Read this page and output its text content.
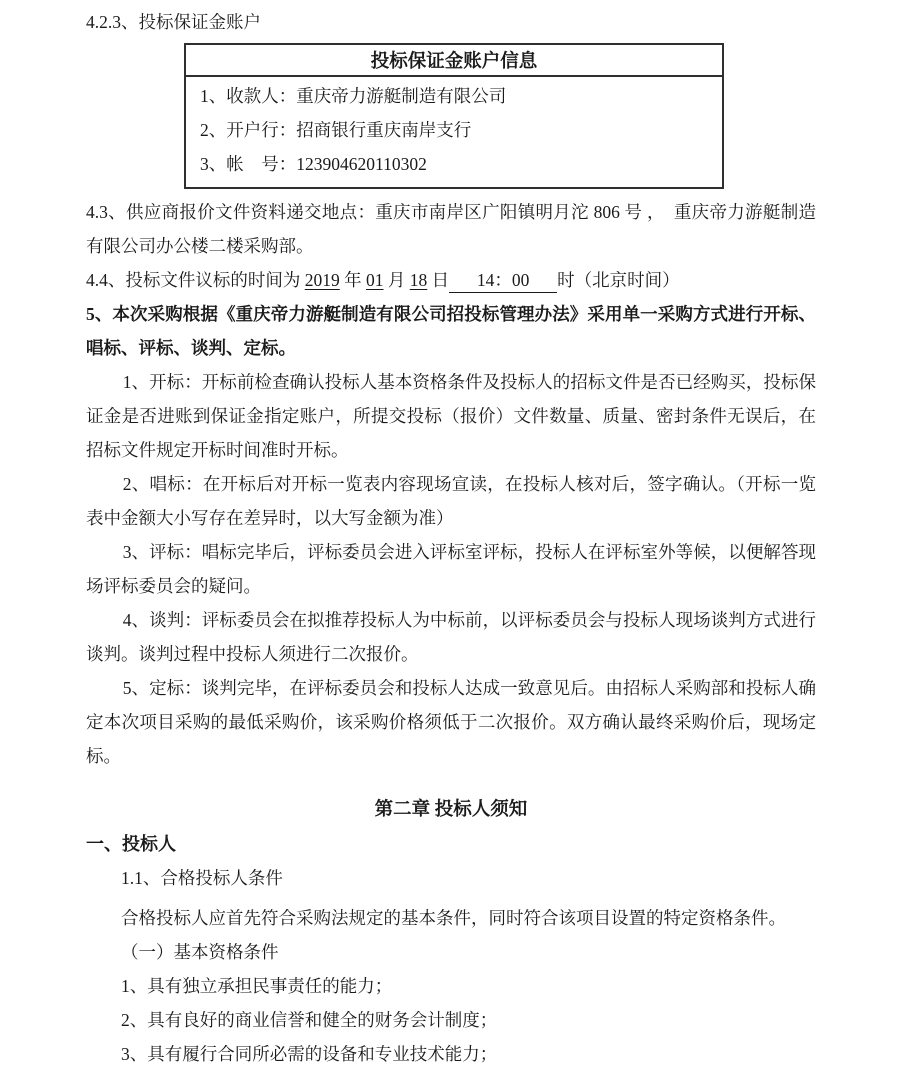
4.2.3、投标保证金账户

投标保证金账户信息

1、收款人：重庆帝力游艇制造有限公司

2、开户行：招商银行重庆南岸支行

3、帐　号：123904620110302

4.3、供应商报价文件资料递交地点：重庆市南岸区广阳镇明月沱 806 号 ，　重庆帝力游艇制造有限公司办公楼二楼采购部。

4.4、投标文件议标的时间为 2019 年 01 月 18 日 14：00 时（北京时间）

5、本次采购根据《重庆帝力游艇制造有限公司招投标管理办法》采用单一采购方式进行开标、唱标、评标、谈判、定标。

1、开标：开标前检查确认投标人基本资格条件及投标人的招标文件是否已经购买，投标保证金是否进账到保证金指定账户，所提交投标（报价）文件数量、质量、密封条件无误后，在招标文件规定开标时间准时开标。

2、唱标：在开标后对开标一览表内容现场宣读，在投标人核对后，签字确认。（开标一览表中金额大小写存在差异时，以大写金额为准）

3、评标：唱标完毕后，评标委员会进入评标室评标，投标人在评标室外等候，以便解答现场评标委员会的疑问。

4、谈判：评标委员会在拟推荐投标人为中标前，以评标委员会与投标人现场谈判方式进行谈判。谈判过程中投标人须进行二次报价。

5、定标：谈判完毕，在评标委员会和投标人达成一致意见后。由招标人采购部和投标人确定本次项目采购的最低采购价，该采购价格须低于二次报价。双方确认最终采购价后，现场定标。

第二章 投标人须知

一、投标人

1.1、合格投标人条件

合格投标人应首先符合采购法规定的基本条件，同时符合该项目设置的特定资格条件。

（一）基本资格条件

1、具有独立承担民事责任的能力；

2、具有良好的商业信誉和健全的财务会计制度；

3、具有履行合同所必需的设备和专业技术能力；
